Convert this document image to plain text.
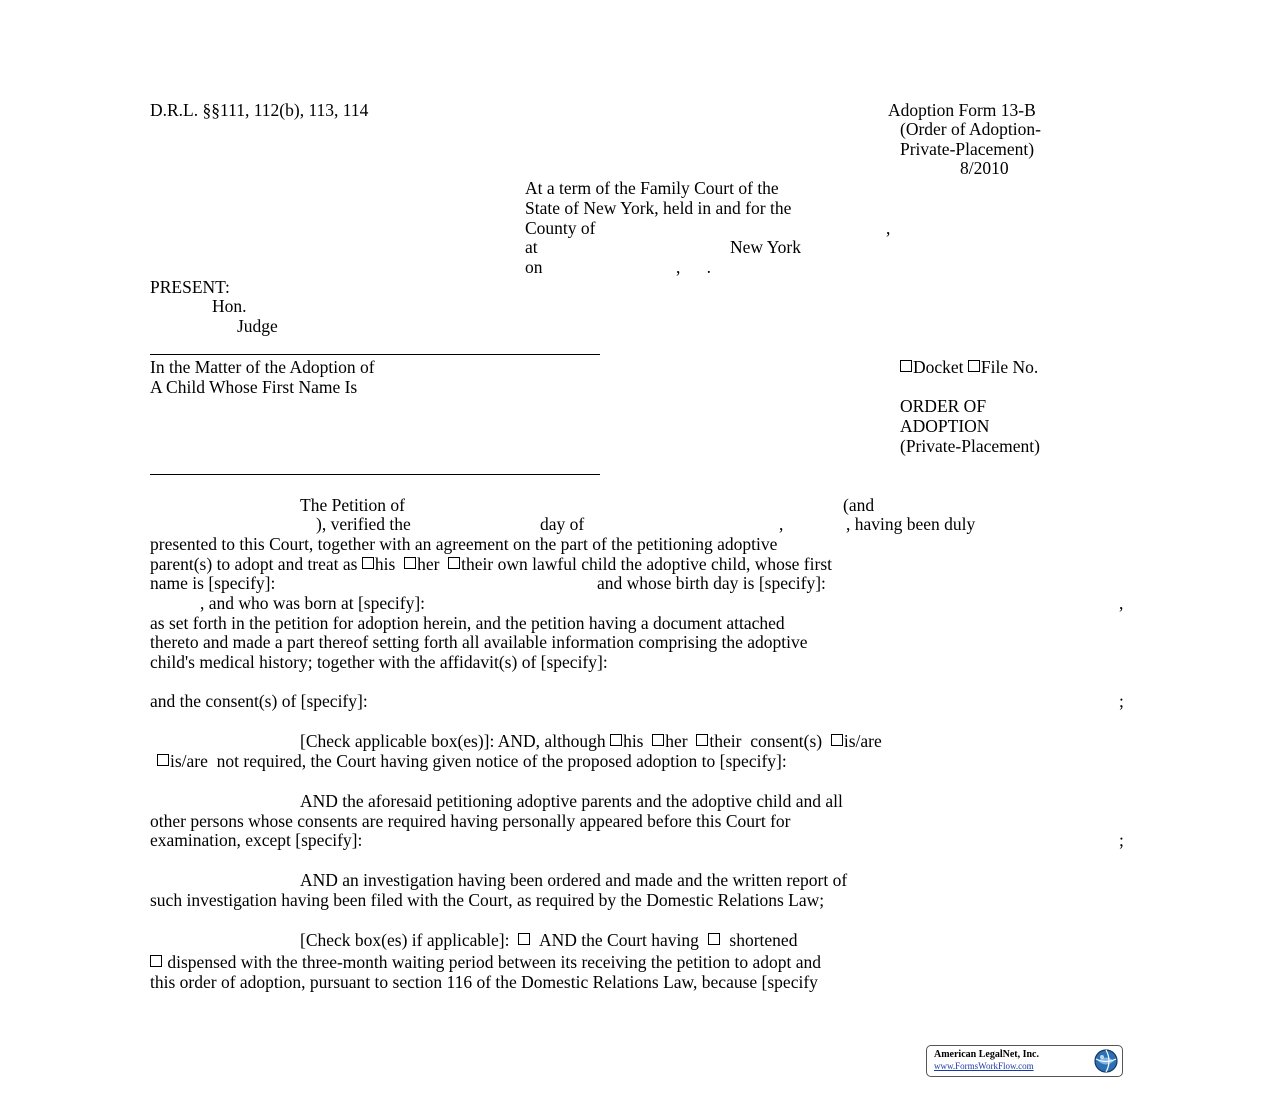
D.R.L. §§111, 112(b), 113, 114	Adoption Form 13-B
(Order of Adoption-
Private-Placement)
8/2010
At a term of the Family Court of the
State of New York, held in and for the
County of	,
at	New York
on	,      .
PRESENT:
Hon.
Judge
In the Matter of the Adoption of
A Child Whose First Name Is
Docket File No.
ORDER OF
ADOPTION
(Private-Placement)
The Petition of	(and
), verified the	day of	,	, having been duly
presented to this Court, together with an agreement on the part of the petitioning adoptive
parent(s) to adopt and treat as his her their own lawful child the adoptive child, whose first
name is [specify]:	and whose birth day is [specify]:
, and who was born at [specify]:	,
as set forth in the petition for adoption herein, and the petition having a document attached
thereto and made a part thereof setting forth all available information comprising the adoptive
child's medical history; together with the affidavit(s) of [specify]:
and the consent(s) of [specify]:	;
[Check applicable box(es)]: AND, although his her their consent(s) is/are
is/are not required, the Court having given notice of the proposed adoption to [specify]:
AND the aforesaid petitioning adoptive parents and the adoptive child and all
other persons whose consents are required having personally appeared before this Court for
examination, except [specify]:	;
AND an investigation having been ordered and made and the written report of
such investigation having been filed with the Court, as required by the Domestic Relations Law;
[Check box(es) if applicable]: AND the Court having shortened
dispensed with the three-month waiting period between its receiving the petition to adopt and
this order of adoption, pursuant to section 116 of the Domestic Relations Law, because [specify
American LegalNet, Inc.
www.FormsWorkFlow.com
